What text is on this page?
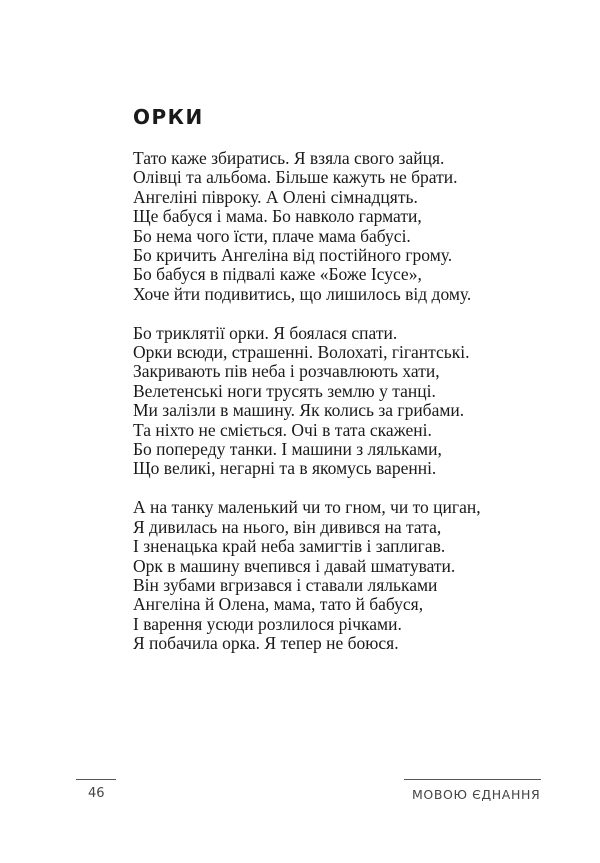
ОРКИ

Тато каже збиратись. Я взяла свого зайця.
Олівці та альбома. Більше кажуть не брати.
Ангеліні півроку. А Олені сімнадцять.
Ще бабуся і мама. Бо навколо гармати,
Бо нема чого їсти, плаче мама бабусі.
Бо кричить Ангеліна від постійного грому.
Бо бабуся в підвалі каже «Боже Ісусе»,
Хоче йти подивитись, що лишилось від дому.

Бо триклятії орки. Я боялася спати.
Орки всюди, страшенні. Волохаті, гігантські.
Закривають пів неба і розчавлюють хати,
Велетенські ноги трусять землю у танці.
Ми залізли в машину. Як колись за грибами.
Та ніхто не сміється. Очі в тата скажені.
Бо попереду танки. І машини з ляльками,
Що великі, негарні та в якомусь варенні.

А на танку маленький чи то гном, чи то циган,
Я дивилась на нього, він дивився на тата,
І зненацька край неба замигтів і заплигав.
Орк в машину вчепився і давай шматувати.
Він зубами вгризався і ставали ляльками
Ангеліна й Олена, мама, тато й бабуся,
І варення усюди розлилося річками.
Я побачила орка. Я тепер не боюся.

46	МОВОЮ ЄДНАННЯ
